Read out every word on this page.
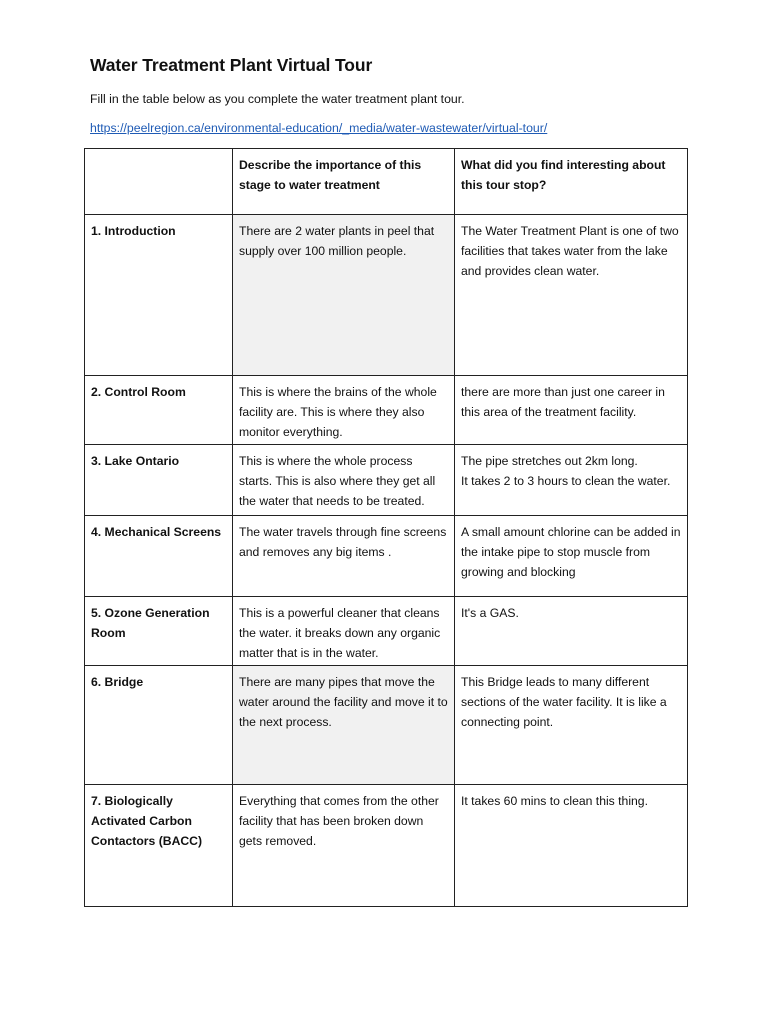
Water Treatment Plant Virtual Tour
Fill in the table below as you complete the water treatment plant tour.
https://peelregion.ca/environmental-education/_media/water-wastewater/virtual-tour/
	Describe the importance of this stage to water treatment	What did you find interesting about this tour stop?
1. Introduction	There are 2 water plants in peel that supply over 100 million people.	The Water Treatment Plant is one of two facilities that takes water from the lake and provides clean water.
2. Control Room	This is where the brains of the whole facility are. This is where they also monitor everything.	there are more than just one career in this area of the treatment facility.
3. Lake Ontario	This is where the whole process starts. This is also where they get all the water that needs to be treated.	The pipe stretches out 2km long.
It takes 2 to 3 hours to clean the water.

4. Mechanical Screens	The water travels through fine screens and removes any big items .	A small amount chlorine can be added in the intake pipe to stop muscle from growing and blocking
5. Ozone Generation Room	This is a powerful cleaner that cleans the water. it breaks down any organic matter that is in the water.	It's a GAS.
6. Bridge	There are many pipes that move the water around the facility and move it to the next process.	This Bridge leads to many different sections of the water facility. It is like a connecting point.
7. Biologically Activated Carbon Contactors (BACC)	Everything that comes from the other facility that has been broken down gets removed.	It takes 60 mins to clean this thing.
